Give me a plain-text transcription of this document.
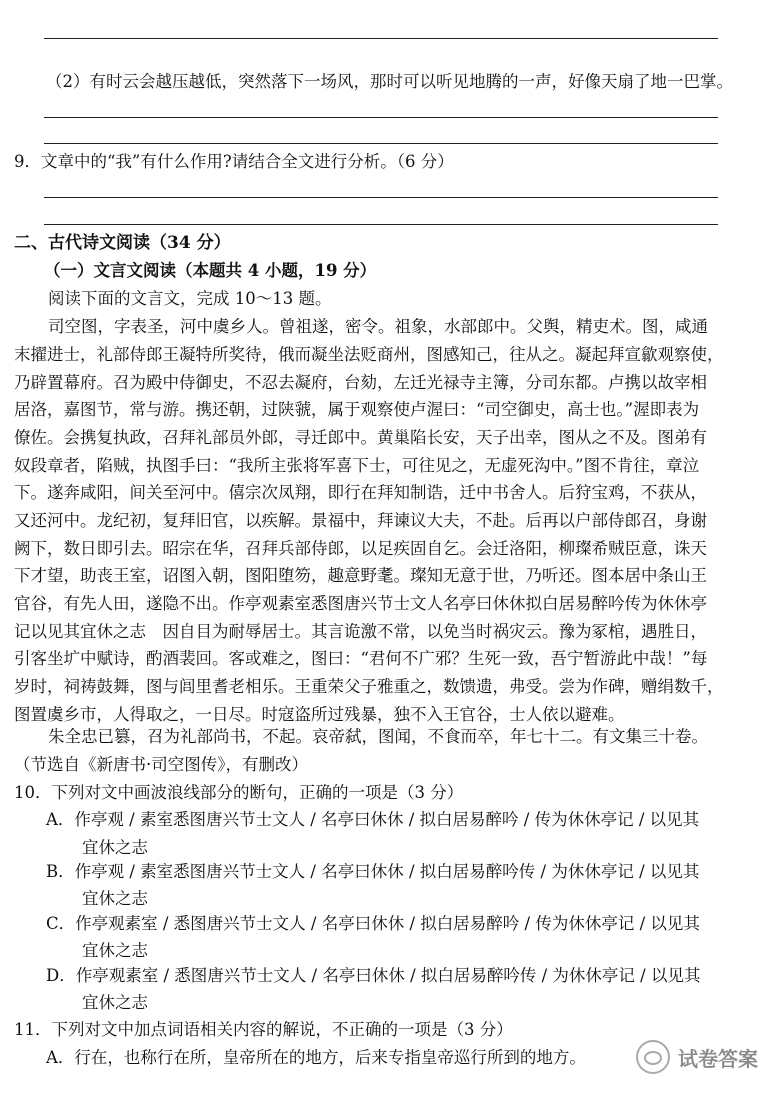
（2）有时云会越压越低，突然落下一场风，那时可以听见地腾的一声，好像天扇了地一巴掌。
9．文章中的“我”有什么作用?请结合全文进行分析。（6 分）
二、古代诗文阅读（34 分）
（一）文言文阅读（本题共 4 小题，19 分）
阅读下面的文言文，完成 10～13 题。
司空图，字表圣，河中虞乡人。曾祖遂，密令。祖象，水部郎中。父舆，精吏术。图，咸通
末擢进士，礼部侍郎王凝特所奖待，俄而凝坐法贬商州，图感知己，往从之。凝起拜宣歙观察使，
乃辟置幕府。召为殿中侍御史，不忍去凝府，台劾，左迁光禄寺主簿，分司东都。卢携以故宰相
居洛，嘉图节，常与游。携还朝，过陕虢，属于观察使卢渥曰：“司空御史，高士也。”渥即表为
僚佐。会携复执政，召拜礼部员外郎，寻迁郎中。黄巢陷长安，天子出幸，图从之不及。图弟有
奴段章者，陷贼，执图手曰：“我所主张将军喜下士，可往见之，无虚死沟中。”图不肯往，章泣
下。遂奔咸阳，间关至河中。僖宗次凤翔，即行在拜知制诰，迁中书舍人。后狩宝鸡，不获从，
又还河中。龙纪初，复拜旧官，以疾解。景福中，拜谏议大夫，不赴。后再以户部侍郎召，身谢
阙下，数日即引去。昭宗在华，召拜兵部侍郎，以足疾固自乞。会迁洛阳，柳璨希贼臣意，诛天
下才望，助丧王室，诏图入朝，图阳堕笏，趣意野耄。璨知无意于世，乃听还。图本居中条山王
官谷，有先人田，遂隐不出。作亭观素室悉图唐兴节士文人名亭曰休休拟白居易醉吟传为休休亭
记以见其宜休之志　因自目为耐辱居士。其言诡激不常，以免当时祸灾云。豫为冢棺，遇胜日，
引客坐圹中赋诗，酌酒裴回。客或难之，图曰：“君何不广邪？生死一致，吾宁暂游此中哉！”每
岁时，祠祷鼓舞，图与闾里耆老相乐。王重荣父子雅重之，数馈遗，弗受。尝为作碑，赠绢数千，
图置虞乡市，人得取之，一日尽。时寇盗所过残暴，独不入王官谷，士人依以避难。
朱全忠已篡，召为礼部尚书，不起。哀帝弑，图闻，不食而卒，年七十二。有文集三十卷。
（节选自《新唐书·司空图传》，有删改）
10．下列对文中画波浪线部分的断句，正确的一项是（3 分）
A．作亭观 / 素室悉图唐兴节士文人 / 名亭曰休休 / 拟白居易醉吟 / 传为休休亭记 / 以见其
宜休之志
B．作亭观 / 素室悉图唐兴节士文人 / 名亭曰休休 / 拟白居易醉吟传 / 为休休亭记 / 以见其
宜休之志
C．作亭观素室 / 悉图唐兴节士文人 / 名亭曰休休 / 拟白居易醉吟 / 传为休休亭记 / 以见其
宜休之志
D．作亭观素室 / 悉图唐兴节士文人 / 名亭曰休休 / 拟白居易醉吟传 / 为休休亭记 / 以见其
宜休之志
11．下列对文中加点词语相关内容的解说，不正确的一项是（3 分）
A．行在，也称行在所，皇帝所在的地方，后来专指皇帝巡行所到的地方。	试卷答案
